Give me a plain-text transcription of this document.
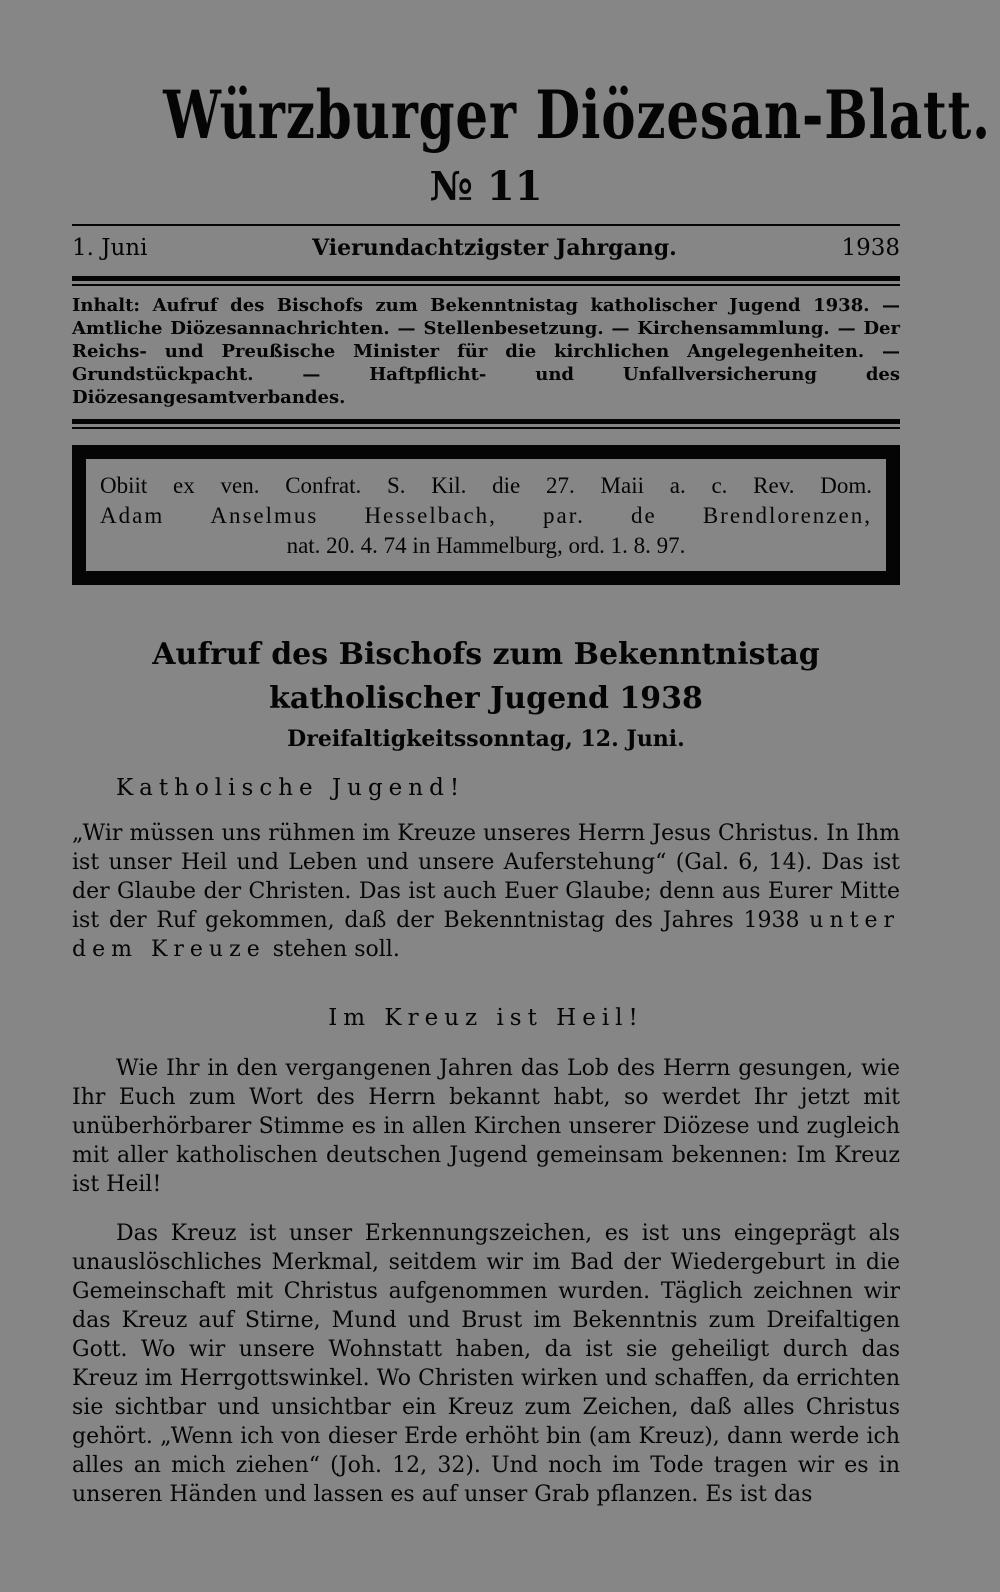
Würzburger Diözesan-Blatt.
№ 11
1. Juni	Vierundachtzigster Jahrgang.	1938
Inhalt: Aufruf des Bischofs zum Bekenntnistag katholischer Jugend 1938. — Amtliche Diözesannachrichten. — Stellenbesetzung. — Kirchensammlung. — Der Reichs- und Preußische Minister für die kirchlichen Angelegenheiten. — Grundstückpacht. — Haftpflicht- und Unfallversicherung des Diözesangesamtverbandes.
Obiit ex ven. Confrat. S. Kil. die 27. Maii a. c. Rev. Dom.
Adam Anselmus Hesselbach, par. de Brendlorenzen,
nat. 20. 4. 74 in Hammelburg, ord. 1. 8. 97.
Aufruf des Bischofs zum Bekenntnistag katholischer Jugend 1938
Dreifaltigkeitssonntag, 12. Juni.
Katholische Jugend!

„Wir müssen uns rühmen im Kreuze unseres Herrn Jesus Christus. In Ihm ist unser Heil und Leben und unsere Auferstehung“ (Gal. 6, 14). Das ist der Glaube der Christen. Das ist auch Euer Glaube; denn aus Eurer Mitte ist der Ruf gekommen, daß der Bekenntnistag des Jahres 1938 unter dem Kreuze stehen soll.

Im Kreuz ist Heil!

Wie Ihr in den vergangenen Jahren das Lob des Herrn gesungen, wie Ihr Euch zum Wort des Herrn bekannt habt, so werdet Ihr jetzt mit unüberhörbarer Stimme es in allen Kirchen unserer Diözese und zugleich mit aller katholischen deutschen Jugend gemeinsam bekennen: Im Kreuz ist Heil!

Das Kreuz ist unser Erkennungszeichen, es ist uns eingeprägt als unauslöschliches Merkmal, seitdem wir im Bad der Wiedergeburt in die Gemeinschaft mit Christus aufgenommen wurden. Täglich zeichnen wir das Kreuz auf Stirne, Mund und Brust im Bekenntnis zum Dreifaltigen Gott. Wo wir unsere Wohnstatt haben, da ist sie geheiligt durch das Kreuz im Herrgottswinkel. Wo Christen wirken und schaffen, da errichten sie sichtbar und unsichtbar ein Kreuz zum Zeichen, daß alles Christus gehört. „Wenn ich von dieser Erde erhöht bin (am Kreuz), dann werde ich alles an mich ziehen“ (Joh. 12, 32). Und noch im Tode tragen wir es in unseren Händen und lassen es auf unser Grab pflanzen. Es ist das
